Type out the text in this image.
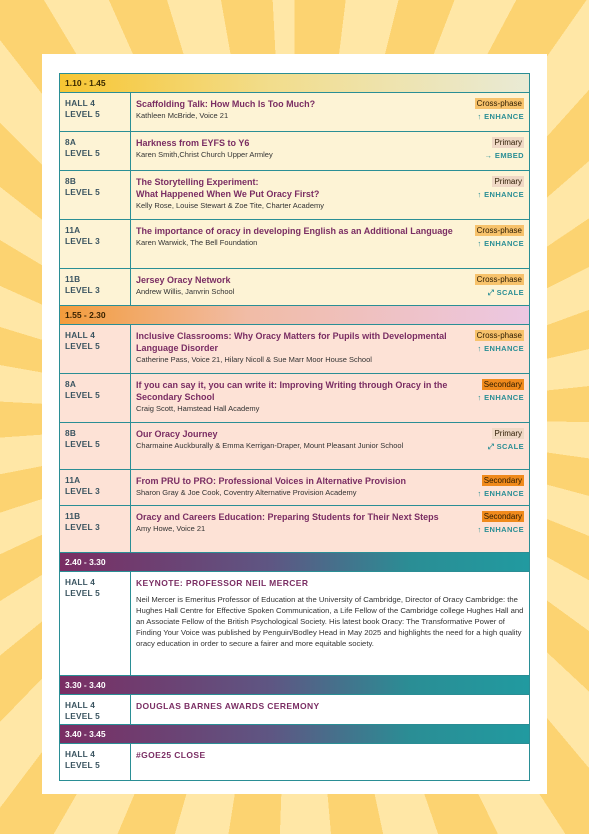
1.10 - 1.45
HALL 4
LEVEL 5
Scaffolding Talk: How Much Is Too Much?
Kathleen McBride, Voice 21
Cross-phase
↑ ENHANCE
8A
LEVEL 5
Harkness from EYFS to Y6
Karen Smith,Christ Church Upper Armley
Primary
→ EMBED
8B
LEVEL 5
The Storytelling Experiment:
What Happened When We Put Oracy First?
Kelly Rose, Louise Stewart & Zoe Tite, Charter Academy
Primary
↑ ENHANCE
11A
LEVEL 3
The importance of oracy in developing English as an Additional Language
Karen Warwick, The Bell Foundation
Cross-phase
↑ ENHANCE
11B
LEVEL 3
Jersey Oracy Network
Andrew Willis, Janvrin School
Cross-phase
⤢ SCALE
1.55 - 2.30
HALL 4
LEVEL 5
Inclusive Classrooms: Why Oracy Matters for Pupils with Developmental Language Disorder
Catherine Pass, Voice 21, Hilary Nicoll & Sue Marr Moor House School
Cross-phase
↑ ENHANCE
8A
LEVEL 5
If you can say it, you can write it: Improving Writing through Oracy in the Secondary School
Craig Scott, Hamstead Hall Academy
Secondary
↑ ENHANCE
8B
LEVEL 5
Our Oracy Journey
Charmaine Auckburally & Emma Kerrigan-Draper, Mount Pleasant Junior School
Primary
⤢ SCALE
11A
LEVEL 3
From PRU to PRO: Professional Voices in Alternative Provision
Sharon Gray & Joe Cook, Coventry Alternative Provision Academy
Secondary
↑ ENHANCE
11B
LEVEL 3
Oracy and Careers Education: Preparing Students for Their Next Steps
Amy Howe, Voice 21
Secondary
↑ ENHANCE
2.40 - 3.30
HALL 4
LEVEL 5
KEYNOTE: PROFESSOR NEIL MERCER
Neil Mercer is Emeritus Professor of Education at the University of Cambridge, Director of Oracy Cambridge: the Hughes Hall Centre for Effective Spoken Communication, a Life Fellow of the Cambridge college Hughes Hall and an Associate Fellow of the British Psychological Society. His latest book Oracy: The Transformative Power of Finding Your Voice was published by Penguin/Bodley Head in May 2025 and highlights the need for a high quality oracy education in order to secure a fairer and more equitable society.
3.30 - 3.40
HALL 4
LEVEL 5
DOUGLAS BARNES AWARDS CEREMONY
3.40 - 3.45
HALL 4
LEVEL 5
#GOE25 CLOSE
